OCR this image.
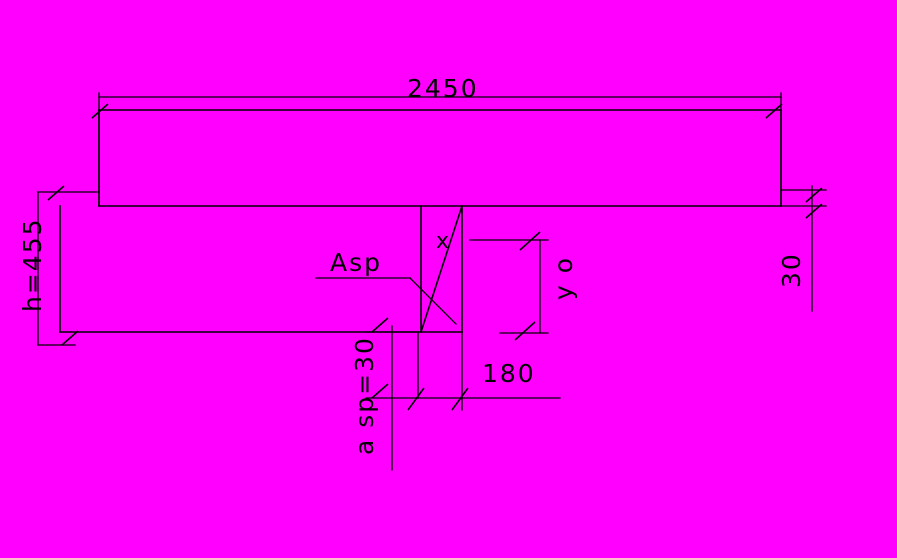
2450
h=455	30
Asp
a sp=30	180
y o
x
